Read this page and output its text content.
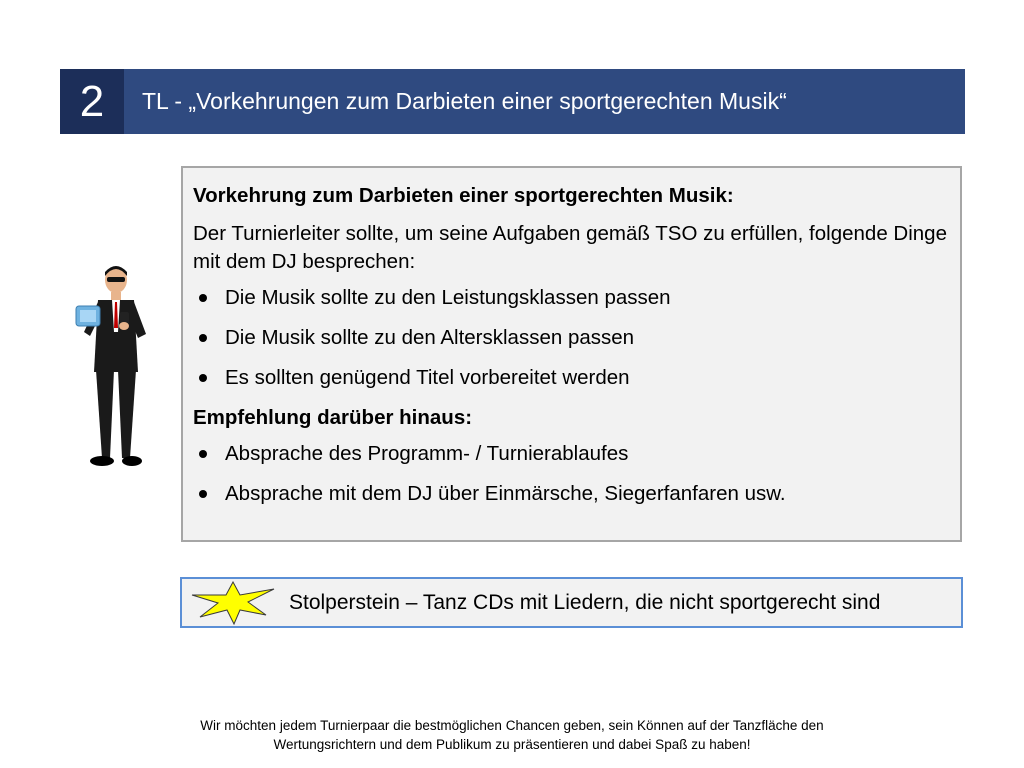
2	TL - „Vorkehrungen zum Darbieten einer sportgerechten Musik“
Vorkehrung zum Darbieten einer sportgerechten Musik:
Der Turnierleiter sollte, um seine Aufgaben gemäß TSO zu erfüllen, folgende Dinge mit dem DJ besprechen:
Die Musik sollte zu den Leistungsklassen passen
Die Musik sollte zu den Altersklassen passen
Es sollten genügend Titel vorbereitet werden
Empfehlung darüber hinaus:
Absprache des Programm- / Turnierablaufes
Absprache mit dem DJ über Einmärsche, Siegerfanfaren usw.
Stolperstein – Tanz CDs mit Liedern, die nicht sportgerecht sind
Wir möchten jedem Turnierpaar die bestmöglichen Chancen geben, sein Können auf der Tanzfläche den
Wertungsrichtern und dem Publikum zu präsentieren und dabei Spaß zu haben!
